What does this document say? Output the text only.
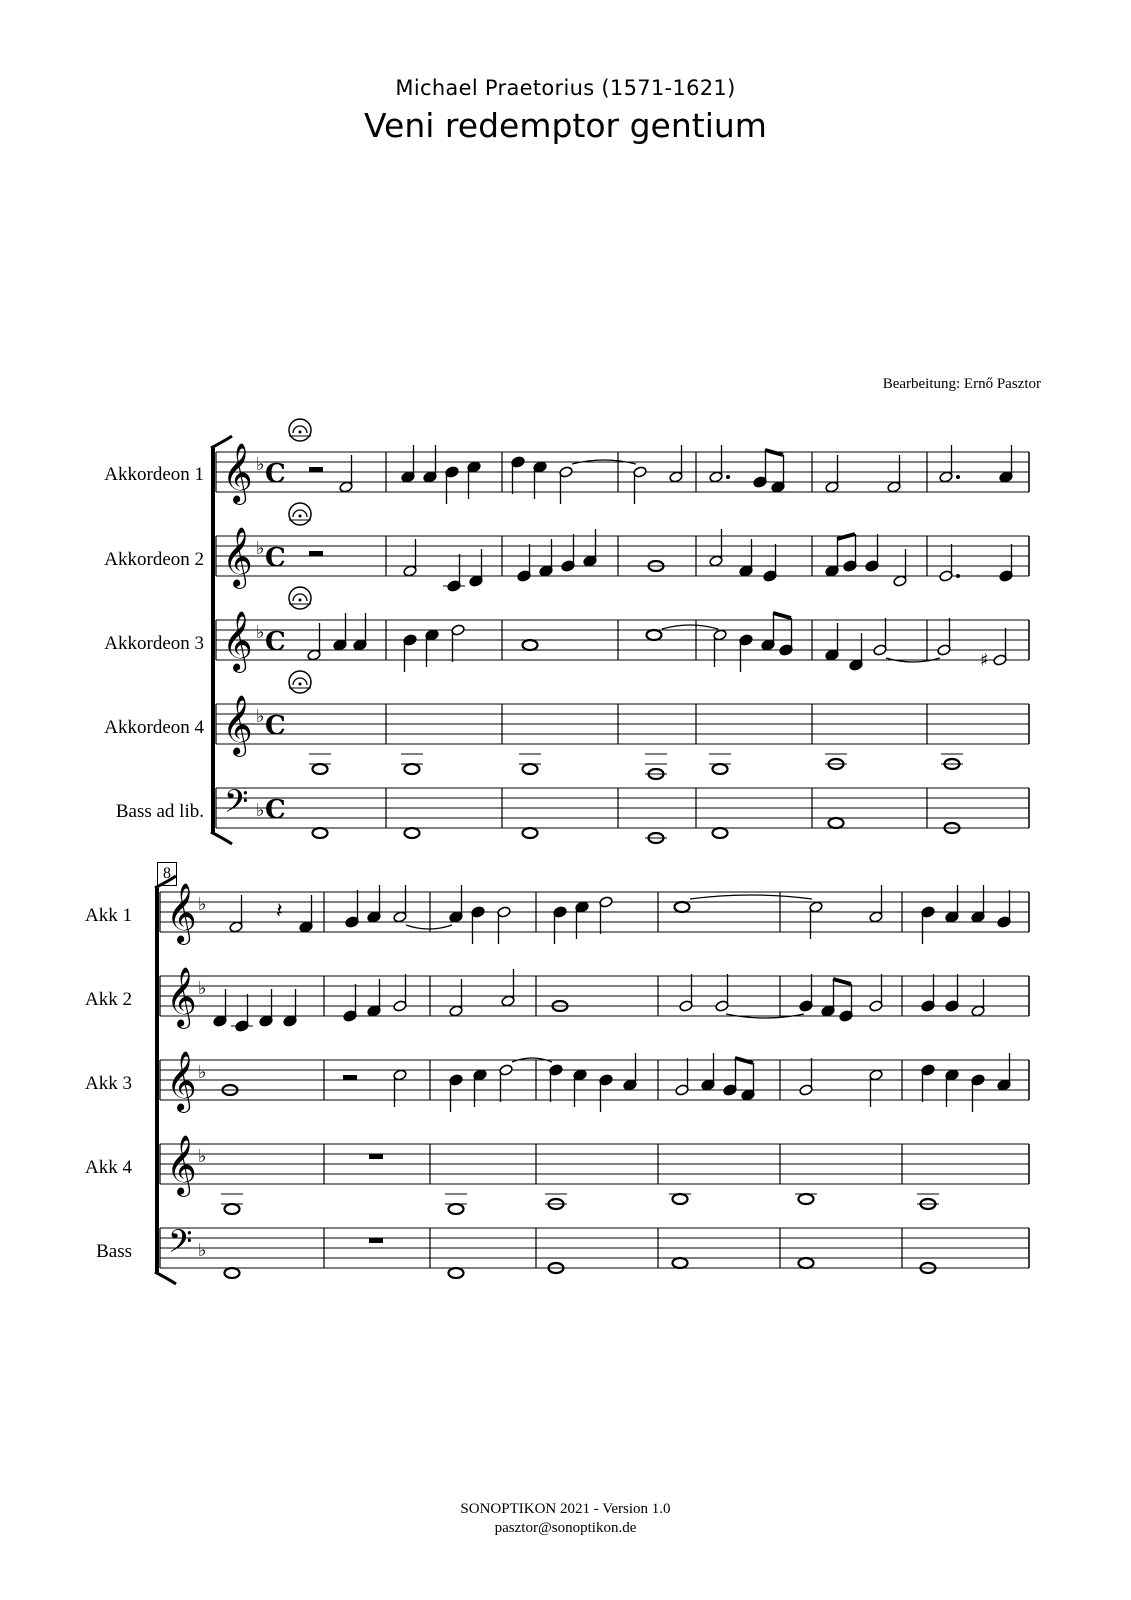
Michael Praetorius (1571-1621)
Veni redemptor gentium
Bearbeitung: Ernő Pasztor
Akkordeon 1
Akkordeon 2
Akkordeon 3
Akkordeon 4
Bass ad lib.
8
Akk 1
Akk 2
Akk 3
Akk 4
Bass
𝄞 ♭ C
𝄞 ♭ C
𝄞 ♭ C
𝄞 ♭ C
𝄢 ♭ C
♯
𝄞 ♭
𝄞 ♭
𝄞 ♭
𝄞 ♭
𝄢 ♭
𝄽
SONOPTIKON 2021 - Version 1.0
pasztor@sonoptikon.de
